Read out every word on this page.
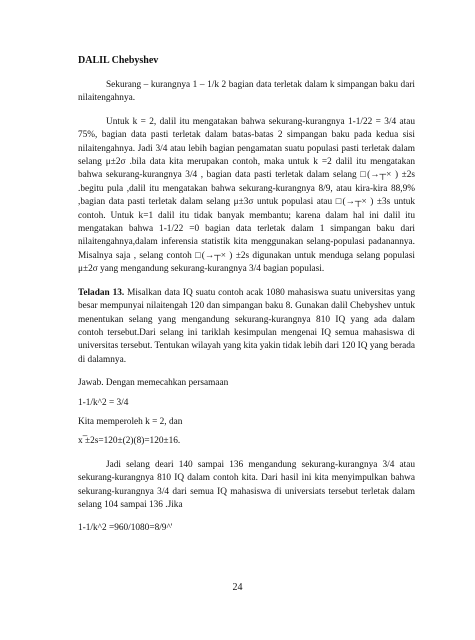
DALIL Chebyshev

Sekurang – kurangnya 1 – 1/k 2 bagian data terletak dalam k simpangan baku dari nilaitengahnya.

Untuk k = 2, dalil itu mengatakan bahwa sekurang-kurangnya 1-1/22 = 3/4 atau 75%, bagian data pasti terletak dalam batas-batas 2 simpangan baku pada kedua sisi nilaitengahnya. Jadi 3/4 atau lebih bagian pengamatan suatu populasi pasti terletak dalam selang μ±2σ .bila data kita merupakan contoh, maka untuk k =2 dalil itu mengatakan bahwa sekurang-kurangnya 3/4 , bagian data pasti terletak dalam selang □(→┬× ) ±2s .begitu pula ,dalil itu mengatakan bahwa sekurang-kurangnya 8/9, atau kira-kira 88,9% ,bagian data pasti terletak dalam selang μ±3σ untuk populasi atau □(→┬× ) ±3s untuk contoh. Untuk k=1 dalil itu tidak banyak membantu; karena dalam hal ini dalil itu mengatakan bahwa 1-1/22 =0 bagian data terletak dalam 1 simpangan baku dari nilaitengahnya,dalam inferensia statistik kita menggunakan selang-populasi padanannya. Misalnya saja , selang contoh □(→┬× ) ±2s digunakan untuk menduga selang populasi μ±2σ yang mengandung sekurang-kurangnya 3/4 bagian populasi.

Teladan 13. Misalkan data IQ suatu contoh acak 1080 mahasiswa suatu universitas yang besar mempunyai nilaitengah 120 dan simpangan baku 8. Gunakan dalil Chebyshev untuk menentukan selang yang mengandung sekurang-kurangnya 810 IQ yang ada dalam contoh tersebut.Dari selang ini tariklah kesimpulan mengenai IQ semua mahasiswa di universitas tersebut. Tentukan wilayah yang kita yakin tidak lebih dari 120 IQ yang berada di dalamnya.

Jawab. Dengan memecahkan persamaan

1-1/k^2 = 3/4

Kita memperoleh k = 2, dan

x ̅±2s=120±(2)(8)=120±16.

Jadi selang deari 140 sampai 136 mengandung sekurang-kurangnya 3/4 atau sekurang-kurangnya 810 IQ dalam contoh kita. Dari hasil ini kita menyimpulkan bahwa sekurang-kurangnya 3/4 dari semua IQ mahasiswa di universiats tersebut terletak dalam selang 104 sampai 136 .Jika

1-1/k^2 =960/1080=8/9^'

24
